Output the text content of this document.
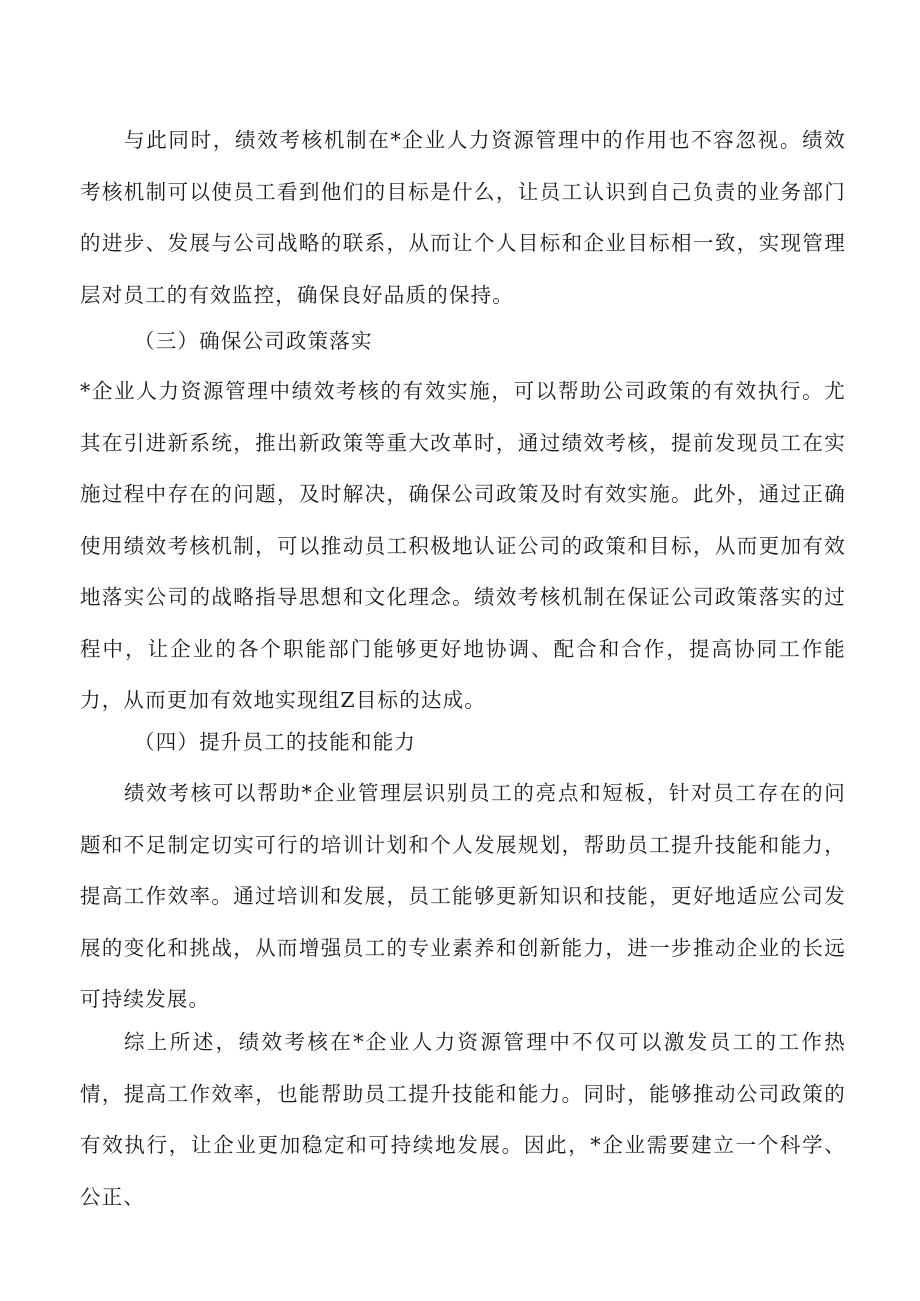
与此同时，绩效考核机制在*企业人力资源管理中的作用也不容忽视。绩效考核机制可以使员工看到他们的目标是什么，让员工认识到自己负责的业务部门的进步、发展与公司战略的联系，从而让个人目标和企业目标相一致，实现管理层对员工的有效监控，确保良好品质的保持。

（三）确保公司政策落实

*企业人力资源管理中绩效考核的有效实施，可以帮助公司政策的有效执行。尤其在引进新系统，推出新政策等重大改革时，通过绩效考核，提前发现员工在实施过程中存在的问题，及时解决，确保公司政策及时有效实施。此外，通过正确使用绩效考核机制，可以推动员工积极地认证公司的政策和目标，从而更加有效地落实公司的战略指导思想和文化理念。绩效考核机制在保证公司政策落实的过程中，让企业的各个职能部门能够更好地协调、配合和合作，提高协同工作能力，从而更加有效地实现组Z目标的达成。

（四）提升员工的技能和能力

绩效考核可以帮助*企业管理层识别员工的亮点和短板，针对员工存在的问题和不足制定切实可行的培训计划和个人发展规划，帮助员工提升技能和能力，提高工作效率。通过培训和发展，员工能够更新知识和技能，更好地适应公司发展的变化和挑战，从而增强员工的专业素养和创新能力，进一步推动企业的长远可持续发展。

综上所述，绩效考核在*企业人力资源管理中不仅可以激发员工的工作热情，提高工作效率，也能帮助员工提升技能和能力。同时，能够推动公司政策的有效执行，让企业更加稳定和可持续地发展。因此，*企业需要建立一个科学、公正、
